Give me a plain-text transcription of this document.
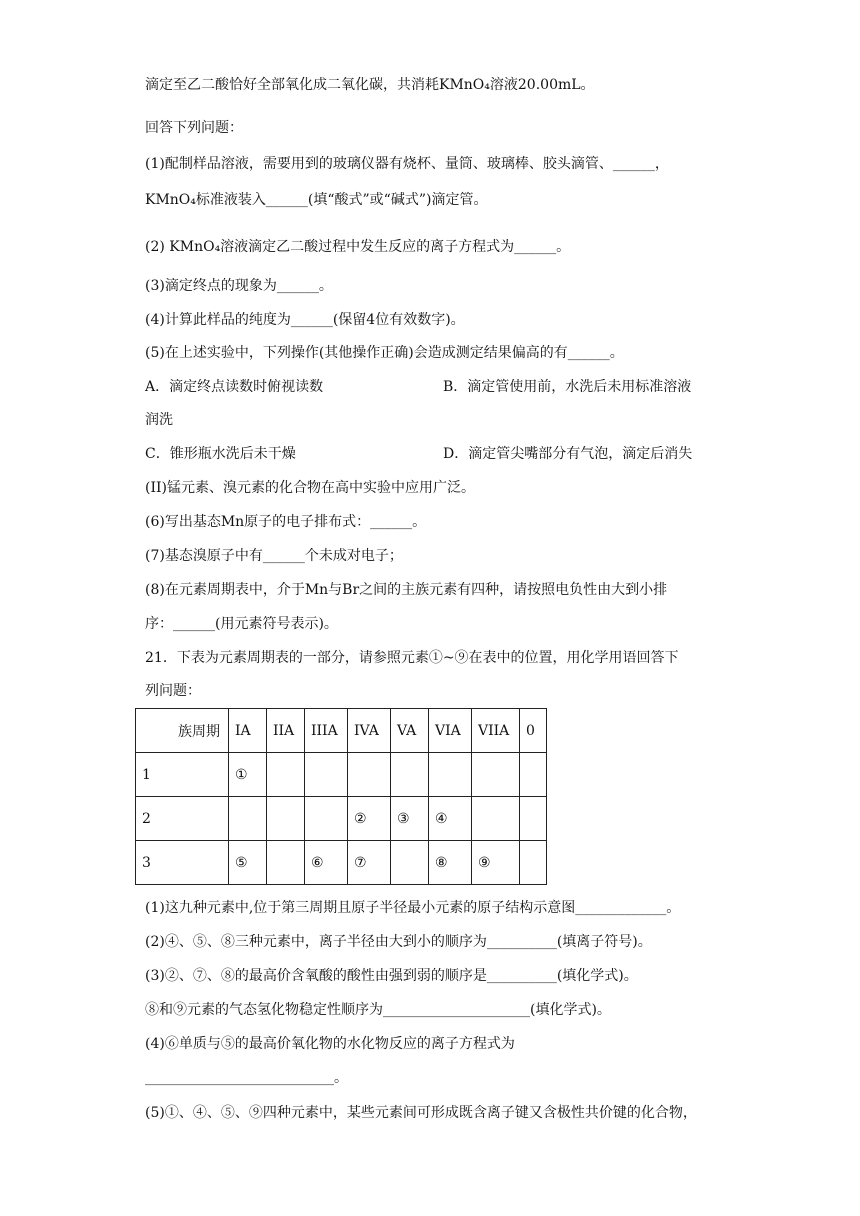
滴定至乙二酸恰好全部氧化成二氧化碳，共消耗KMnO₄溶液20.00mL。
回答下列问题：
(1)配制样品溶液，需要用到的玻璃仪器有烧杯、量筒、玻璃棒、胶头滴管、______，
KMnO₄标准液装入______(填“酸式”或“碱式”)滴定管。
(2) KMnO₄溶液滴定乙二酸过程中发生反应的离子方程式为______。
(3)滴定终点的现象为______。
(4)计算此样品的纯度为______(保留4位有效数字)。
(5)在上述实验中，下列操作(其他操作正确)会造成测定结果偏高的有______。
A．滴定终点读数时俯视读数	B．滴定管使用前，水洗后未用标准溶液
润洗
C．锥形瓶水洗后未干燥	D．滴定管尖嘴部分有气泡，滴定后消失
(II)锰元素、溴元素的化合物在高中实验中应用广泛。
(6)写出基态Mn原子的电子排布式：______。
(7)基态溴原子中有______个未成对电子；
(8)在元素周期表中，介于Mn与Br之间的主族元素有四种，请按照电负性由大到小排
序：______(用元素符号表示)。
21．下表为元素周期表的一部分，请参照元素①~⑨在表中的位置，用化学用语回答下
列问题：
族周期	IA	IIA	IIIA	IVA	VA	VIA	VIIA	0
1	①							
2				②	③	④		
3	⑤		⑥	⑦		⑧	⑨	
(1)这九种元素中,位于第三周期且原子半径最小元素的原子结构示意图_____________。
(2)④、⑤、⑧三种元素中，离子半径由大到小的顺序为__________(填离子符号)。
(3)②、⑦、⑧的最高价含氧酸的酸性由强到弱的顺序是__________(填化学式)。
⑧和⑨元素的气态氢化物稳定性顺序为_____________________(填化学式)。
(4)⑥单质与⑤的最高价氧化物的水化物反应的离子方程式为
___________________________。
(5)①、④、⑤、⑨四种元素中，某些元素间可形成既含离子键又含极性共价键的化合物，
